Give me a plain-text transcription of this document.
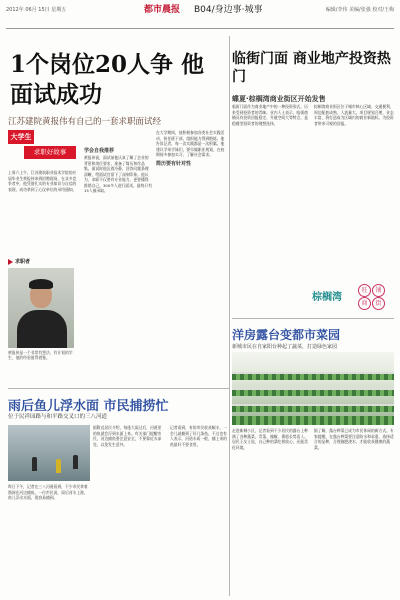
2012年 06月 15日 星期五	都市晨报 B04/身边事·城事	编辑/李伟 美编/张强 校对/王梅
1个岗位20人争 他面试成功
江苏建院黄报伟有自己的一套求职面试经
大学生
求职好故事
上周六上午，江苏建筑职业技术学院的应届毕业生黄报伟来到招聘现场，在众多竞争者中，他凭借扎实的专业知识与自信的表现，成功拿到了心仪单位的录用通知。
学会自我推荐
黄报伟说，面试前他认真了解了企业的背景和岗位要求，准备了简历和作品集。面试时他沉着冷静，回答问题条理清晰，给面试官留下了深刻印象。他认为，求职不仅要有专业能力，更要懂得推销自己。300多人进行面试，最终只有15人被录取。
在大学期间，他积极参加各类社会实践活动，担任班干部，组织能力得到锻炼。他告诉记者，每一次实践都是一次积累。他建议学弟学妹们，要早做职业规划，在校期间多参加实习，了解社会需求。
简历要有针对性
求职者
黄报伟是一个非常有想法、有计划的学生，他的经验值得借鉴。
临街门面 商业地产投资热门
蝶夏·棕榈湾商业街区开始发售
临街门面作为商业地产中的一种投资形式，历来受到投资者的青睐。业内人士表示，临街商铺具有投资回报稳定、升值空间大等特点，是稳健型投资者的理想选择。
棕榈湾商业街区位于城市核心区域，交通便利，周边配套成熟，人流量大。项目规划合理，业态丰富，将打造成为区域内的商业新地标，为投资者带来可观的回报。
棕榈湾
旺	铺
商	街
洋房露台变都市菜园
新城市民在自家阳台种起了蔬菜，打造绿色家园
走进新城小区，记者看到不少居民的露台上种满了各种蔬菜，青菜、辣椒、番茄长势喜人。居民王女士说，自己种的菜吃着放心，还能美化环境。
据了解，露台种菜已成为市民休闲的新方式。专家提醒，在露台种菜要注意防水和承重，选择适合的品种，合理施肥浇水，才能收获健康的蔬菜。
雨后鱼儿浮水面 市民捕捞忙
位于民祥园路与和平路交叉口的三八河道
昨日下午，记者在三八河道看到，不少市民拿着渔网在河边捕鱼。一位市民说，雨后河水上涨，鱼儿浮出水面，很容易捕到。
据附近居民介绍，每逢大雨过后，河道里的鱼就会浮到水面上来。有关部门提醒市民，河边捕鱼要注意安全，不要靠近水深处，以免发生意外。
记者看到，有的市民收获颇丰，一会儿就捕到了好几条鱼。不过也有人表示，河道水质一般，捕上来的鱼最好不要食用。
